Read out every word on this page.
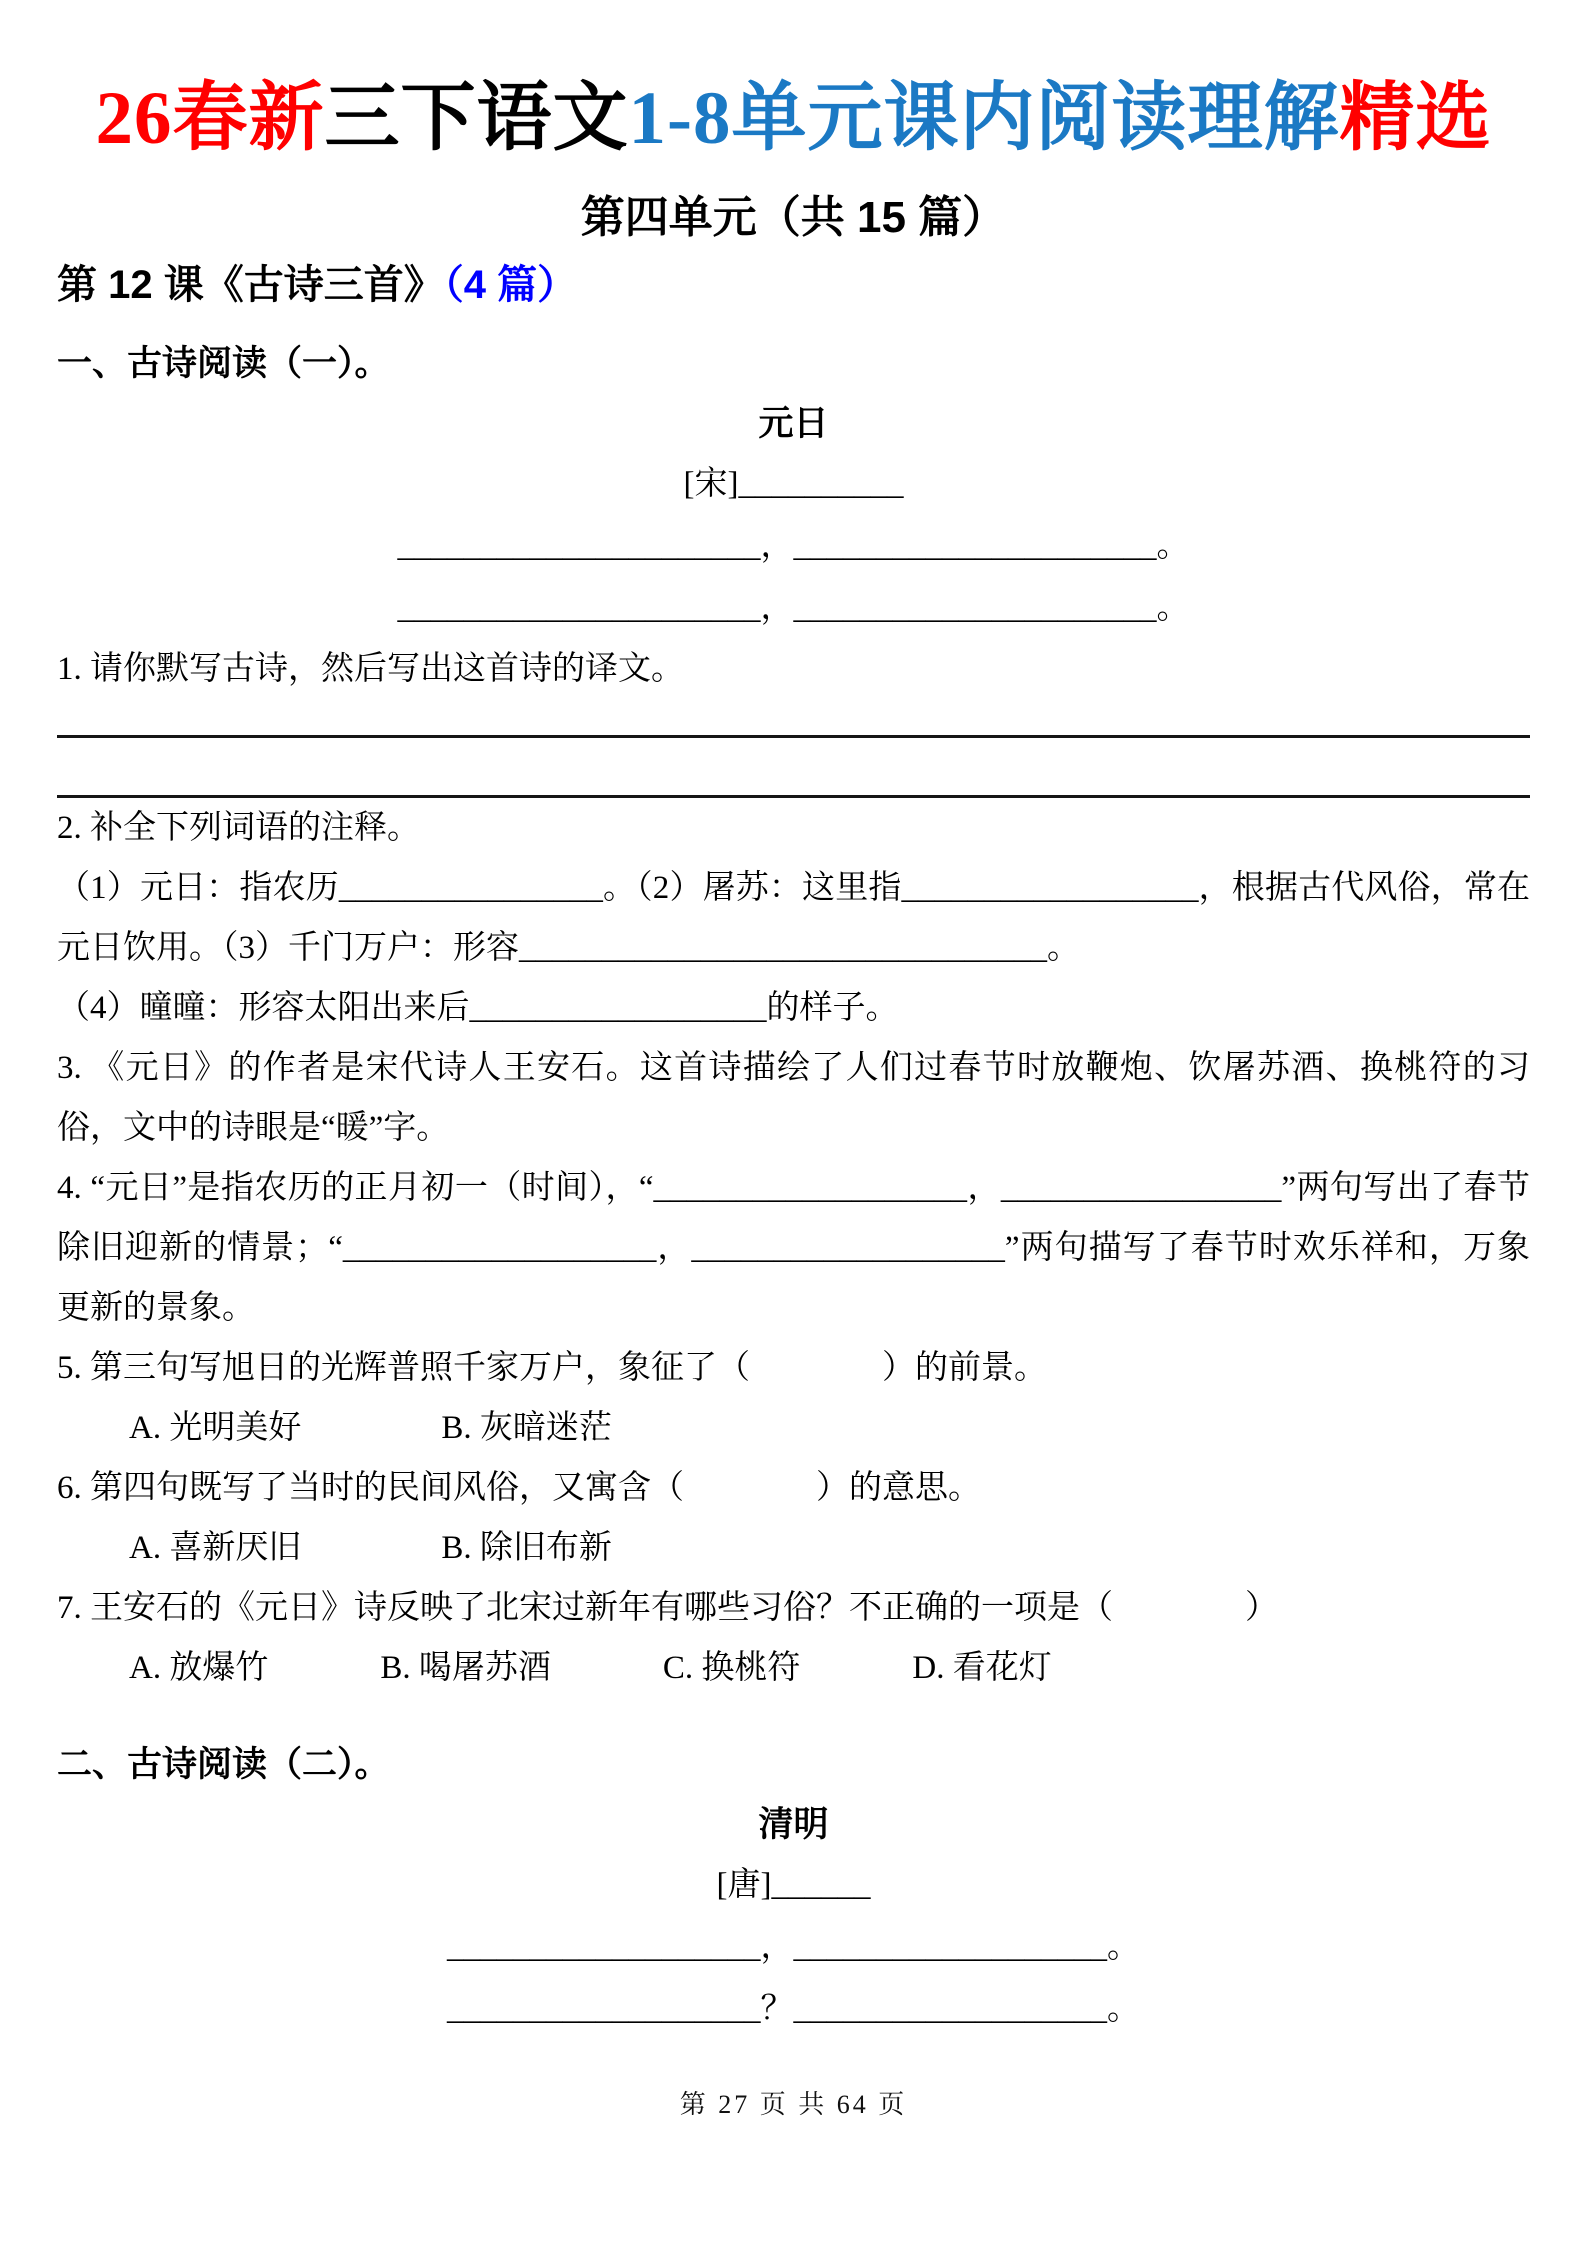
26春新三下语文1-8单元课内阅读理解精选
第四单元（共 15 篇）
第 12 课《古诗三首》（4 篇）
一、古诗阅读（一）。
元日
[宋]__________
______________________，______________________。
______________________，______________________。

1. 请你默写古诗，然后写出这首诗的译文。

2. 补全下列词语的注释。

（1）元日：指农历________________。（2）屠苏：这里指__________________，根据古代风俗，常在元日饮用。（3）千门万户：形容________________________________。

（4）曈曈：形容太阳出来后__________________的样子。

3. 《元日》的作者是宋代诗人王安石。这首诗描绘了人们过春节时放鞭炮、饮屠苏酒、换桃符的习俗，文中的诗眼是“暖”字。

4. “元日”是指农历的正月初一（时间），“___________________，_________________”两句写出了春节除旧迎新的情景；“___________________，___________________”两句描写了春节时欢乐祥和，万象更新的景象。

5. 第三句写旭日的光辉普照千家万户，象征了（　　　　）的前景。

A. 光明美好	B. 灰暗迷茫

6. 第四句既写了当时的民间风俗，又寓含（　　　　）的意思。

A. 喜新厌旧	B. 除旧布新

7. 王安石的《元日》诗反映了北宋过新年有哪些习俗？不正确的一项是（　　　　）

A. 放爆竹	B. 喝屠苏酒	C. 换桃符	D. 看花灯
二、古诗阅读（二）。
清明
[唐]______
___________________，___________________。
___________________？___________________。
第 27 页 共 64 页
